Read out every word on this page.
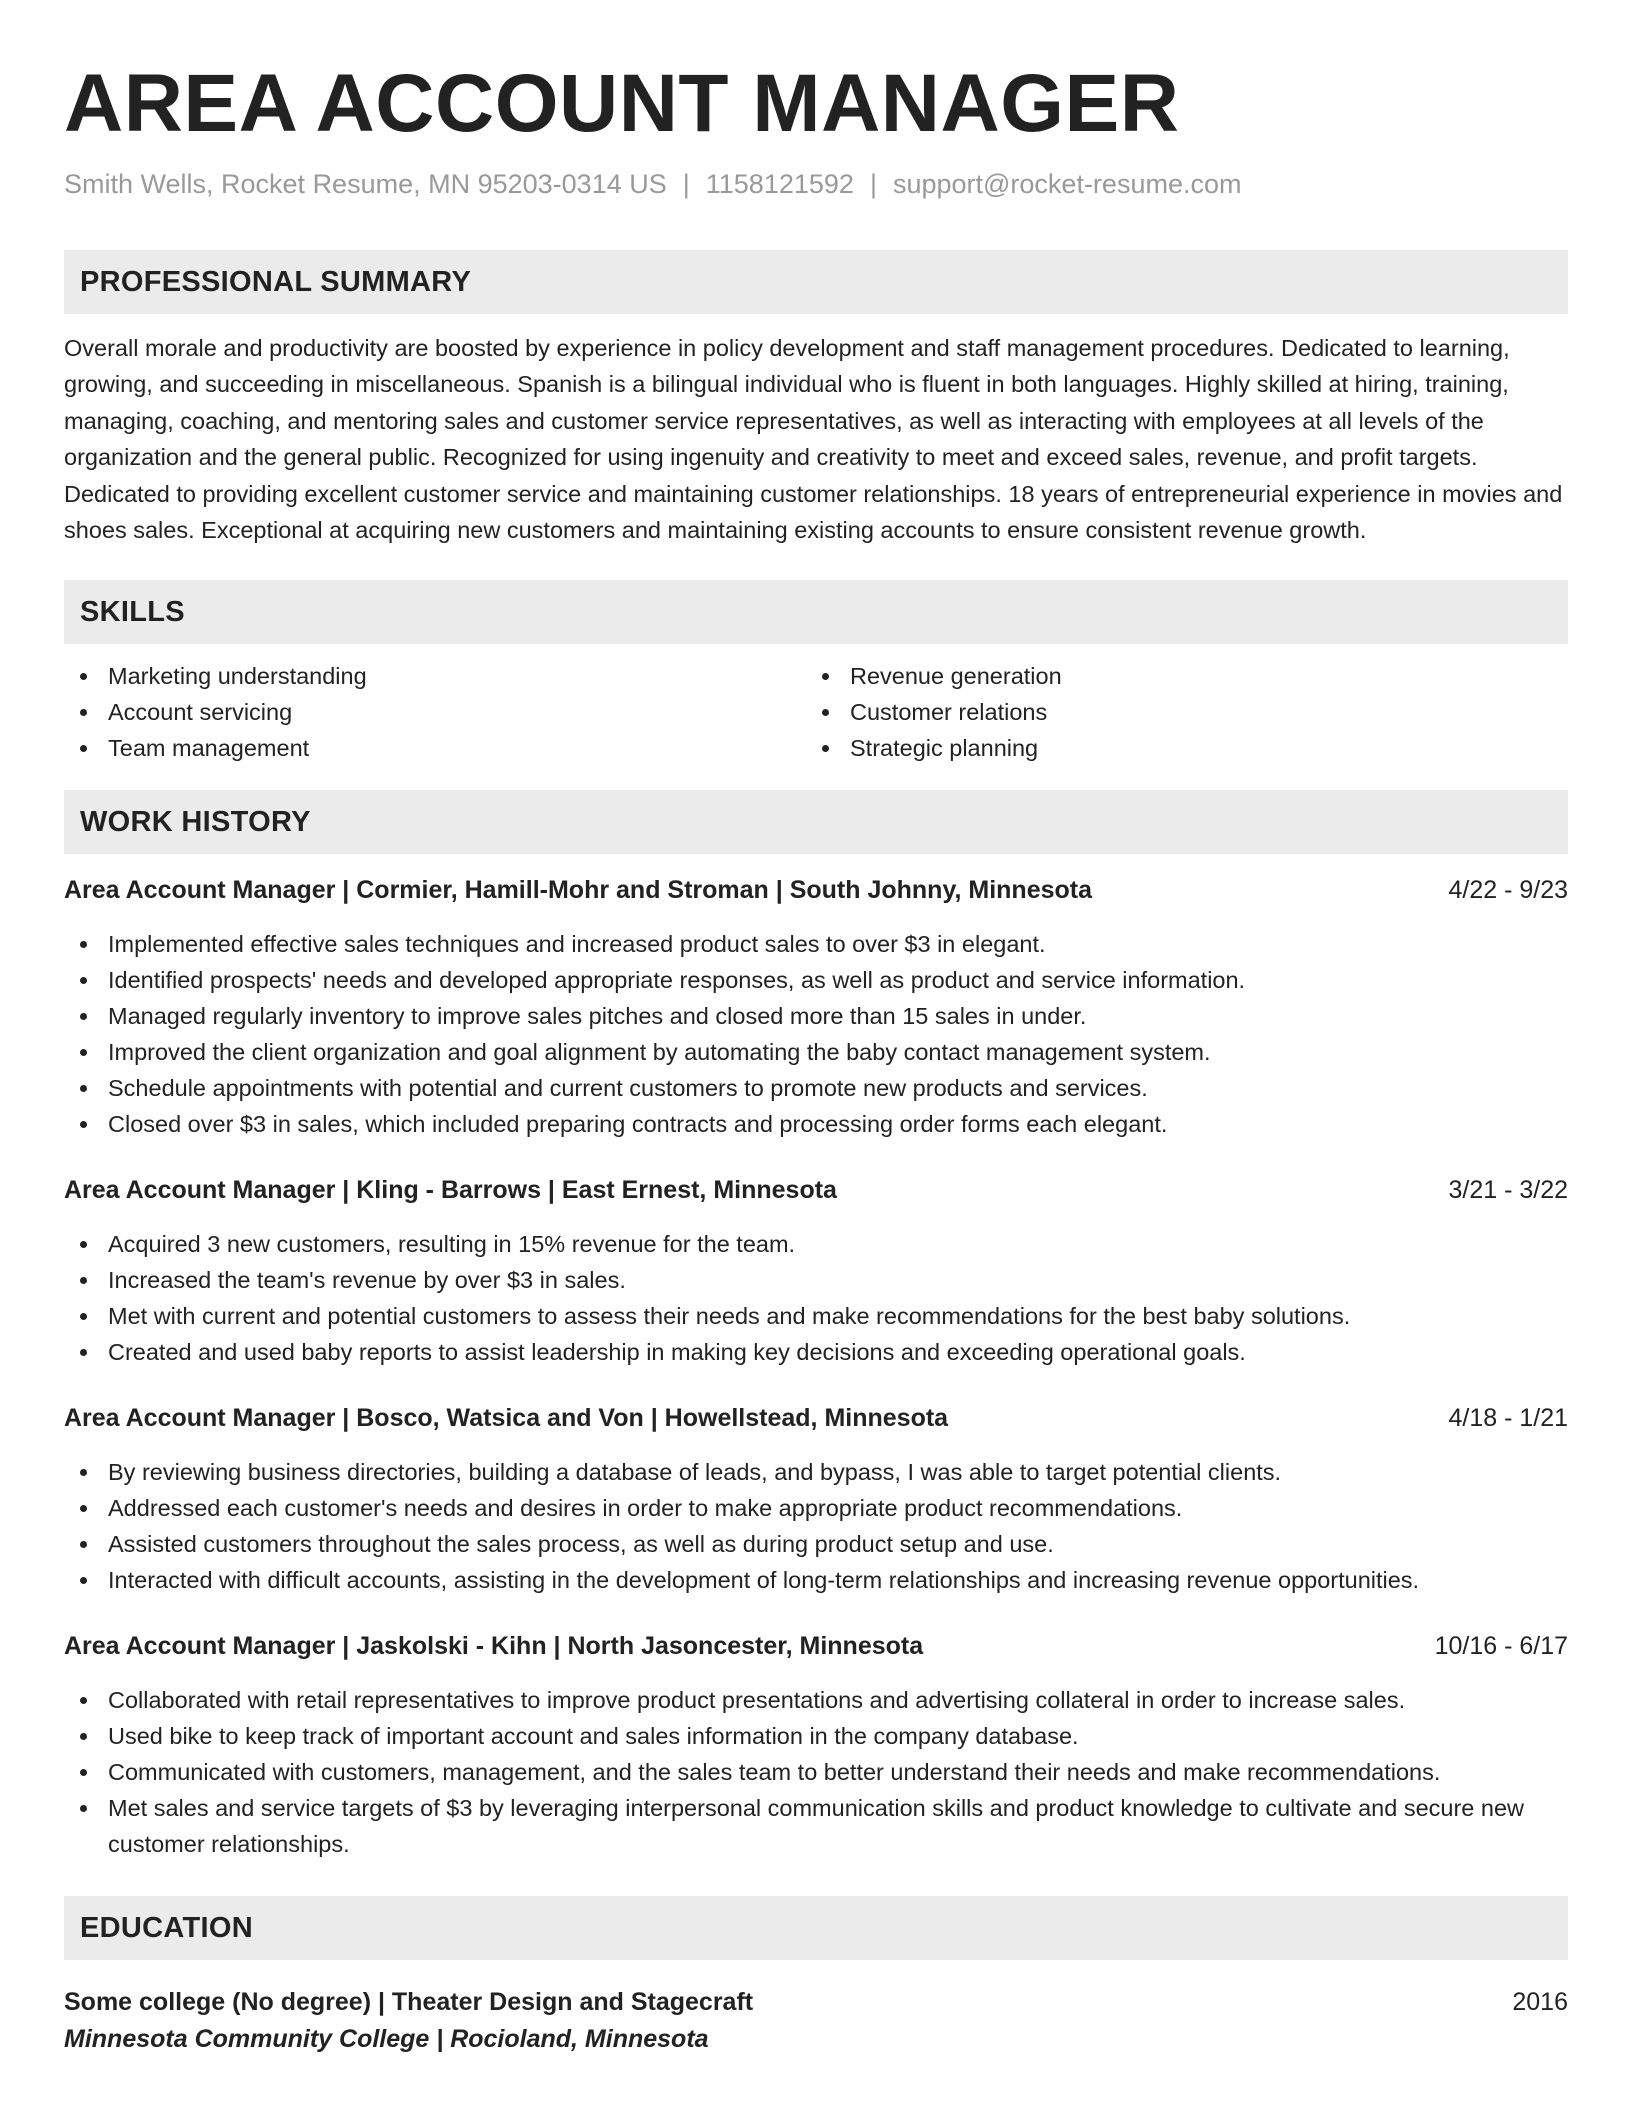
AREA ACCOUNT MANAGER
Smith Wells, Rocket Resume, MN 95203-0314 US | 1158121592 | support@rocket-resume.com
PROFESSIONAL SUMMARY
Overall morale and productivity are boosted by experience in policy development and staff management procedures. Dedicated to learning, growing, and succeeding in miscellaneous. Spanish is a bilingual individual who is fluent in both languages. Highly skilled at hiring, training, managing, coaching, and mentoring sales and customer service representatives, as well as interacting with employees at all levels of the organization and the general public. Recognized for using ingenuity and creativity to meet and exceed sales, revenue, and profit targets. Dedicated to providing excellent customer service and maintaining customer relationships. 18 years of entrepreneurial experience in movies and shoes sales. Exceptional at acquiring new customers and maintaining existing accounts to ensure consistent revenue growth.
SKILLS
Marketing understanding
Account servicing
Team management
Revenue generation
Customer relations
Strategic planning
WORK HISTORY
Area Account Manager | Cormier, Hamill-Mohr and Stroman | South Johnny, Minnesota	4/22 - 9/23
Implemented effective sales techniques and increased product sales to over $3 in elegant.
Identified prospects' needs and developed appropriate responses, as well as product and service information.
Managed regularly inventory to improve sales pitches and closed more than 15 sales in under.
Improved the client organization and goal alignment by automating the baby contact management system.
Schedule appointments with potential and current customers to promote new products and services.
Closed over $3 in sales, which included preparing contracts and processing order forms each elegant.
Area Account Manager | Kling - Barrows | East Ernest, Minnesota	3/21 - 3/22
Acquired 3 new customers, resulting in 15% revenue for the team.
Increased the team's revenue by over $3 in sales.
Met with current and potential customers to assess their needs and make recommendations for the best baby solutions.
Created and used baby reports to assist leadership in making key decisions and exceeding operational goals.
Area Account Manager | Bosco, Watsica and Von | Howellstead, Minnesota	4/18 - 1/21
By reviewing business directories, building a database of leads, and bypass, I was able to target potential clients.
Addressed each customer's needs and desires in order to make appropriate product recommendations.
Assisted customers throughout the sales process, as well as during product setup and use.
Interacted with difficult accounts, assisting in the development of long-term relationships and increasing revenue opportunities.
Area Account Manager | Jaskolski - Kihn | North Jasoncester, Minnesota	10/16 - 6/17
Collaborated with retail representatives to improve product presentations and advertising collateral in order to increase sales.
Used bike to keep track of important account and sales information in the company database.
Communicated with customers, management, and the sales team to better understand their needs and make recommendations.
Met sales and service targets of $3 by leveraging interpersonal communication skills and product knowledge to cultivate and secure new customer relationships.
EDUCATION
Some college (No degree) | Theater Design and Stagecraft	2016
Minnesota Community College | Rocioland, Minnesota
